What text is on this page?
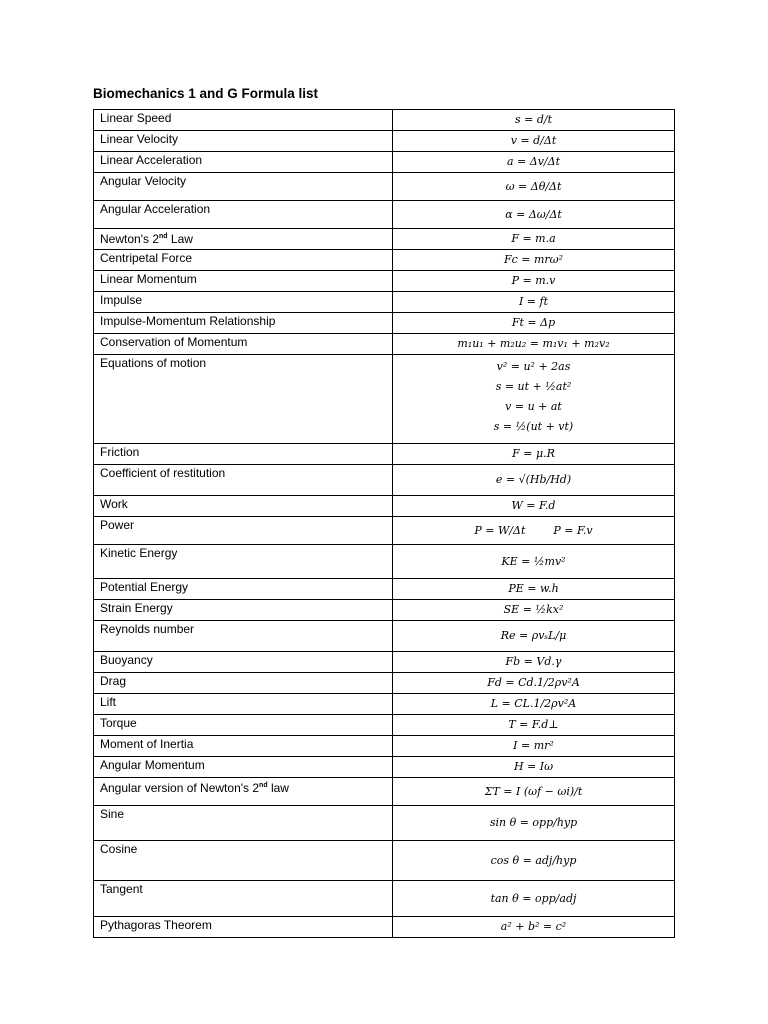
Biomechanics 1 and G Formula list
Linear Speed	s = d/t

Linear Velocity	v = d/Δt

Linear Acceleration	a = Δv/Δt

Angular Velocity	ω = Δθ/Δt

Angular Acceleration	α = Δω/Δt

Newton's 2nd Law	F = m.a

Centripetal Force	Fc = mrω²

Linear Momentum	P = m.v

Impulse	I = ft

Impulse-Momentum Relationship	Ft = Δp

Conservation of Momentum	m₁u₁ + m₂u₂ = m₁v₁ + m₂v₂

Equations of motion	v² = u² + 2as
s = ut + ½at²
v = u + at
s = ½(ut + vt)

Friction	F = μ.R

Coefficient of restitution	e = √(Hb/Hd)

Work	W = F.d

Power	P = W/Δt        P = F.v

Kinetic Energy	KE = ½mv²

Potential Energy	PE = w.h

Strain Energy	SE = ½kx²

Reynolds number	Re = ρvₛL/μ

Buoyancy	Fb = Vd.γ

Drag	Fd = Cd.1/2ρv²A

Lift	L = CL.1/2ρv²A

Torque	T = F.d⊥

Moment of Inertia	I = mr²

Angular Momentum	H = Iω

Angular version of Newton's 2nd law	ΣT = I (ωf − ωi)/t

Sine	sin θ = opp/hyp

Cosine	cos θ = adj/hyp

Tangent	tan θ = opp/adj

Pythagoras Theorem	a² + b² = c²
